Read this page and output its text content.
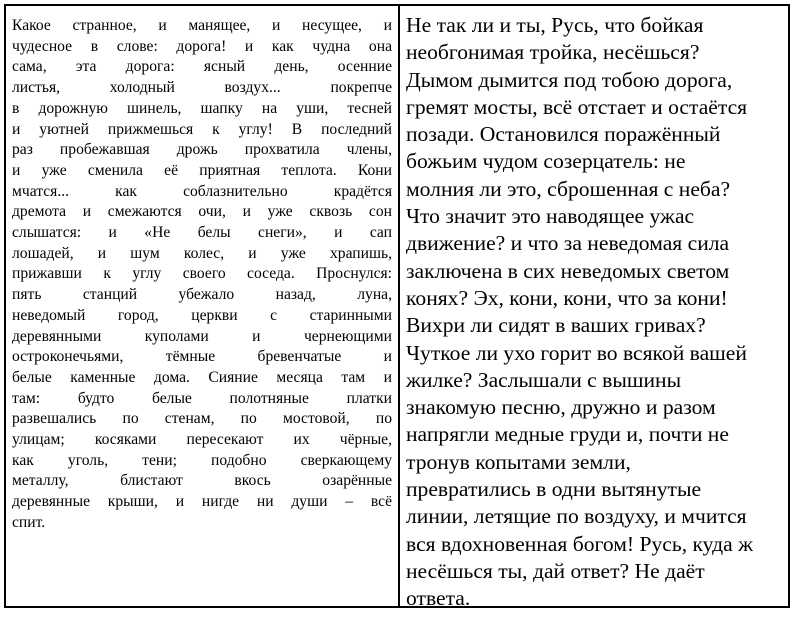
Какое странное, и манящее, и несущее, и
чудесное в слове: дорога! и как чудна она
сама, эта дорога: ясный день, осенние
листья, холодный воздух... покрепче
в дорожную шинель, шапку на уши, тесней
и уютней прижмешься к углу! В последний
раз пробежавшая дрожь прохватила члены,
и уже сменила её приятная теплота. Кони
мчатся... как соблазнительно крадётся
дремота и смежаются очи, и уже сквозь сон
слышатся: и «Не белы снеги», и сап
лошадей, и шум колес, и уже храпишь,
прижавши к углу своего соседа. Проснулся:
пять станций убежало назад, луна,
неведомый город, церкви с старинными
деревянными куполами и чернеющими
остроконечьями, тёмные бревенчатые и
белые каменные дома. Сияние месяца там и
там: будто белые полотняные платки
развешались по стенам, по мостовой, по
улицам; косяками пересекают их чёрные,
как уголь, тени; подобно сверкающему
металлу, блистают вкось озарённые
деревянные крыши, и нигде ни души – всё
спит.
Не так ли и ты, Русь, что бойкая
необгонимая тройка, несёшься?
Дымом дымится под тобою дорога,
гремят мосты, всё отстает и остаётся
позади. Остановился поражённый
божьим чудом созерцатель: не
молния ли это, сброшенная с неба?
Что значит это наводящее ужас
движение? и что за неведомая сила
заключена в сих неведомых светом
конях? Эх, кони, кони, что за кони!
Вихри ли сидят в ваших гривах?
Чуткое ли ухо горит во всякой вашей
жилке? Заслышали с вышины
знакомую песню, дружно и разом
напрягли медные груди и, почти не
тронув копытами земли,
превратились в одни вытянутые
линии, летящие по воздуху, и мчится
вся вдохновенная богом! Русь, куда ж
несёшься ты, дай ответ? Не даёт
ответа.
